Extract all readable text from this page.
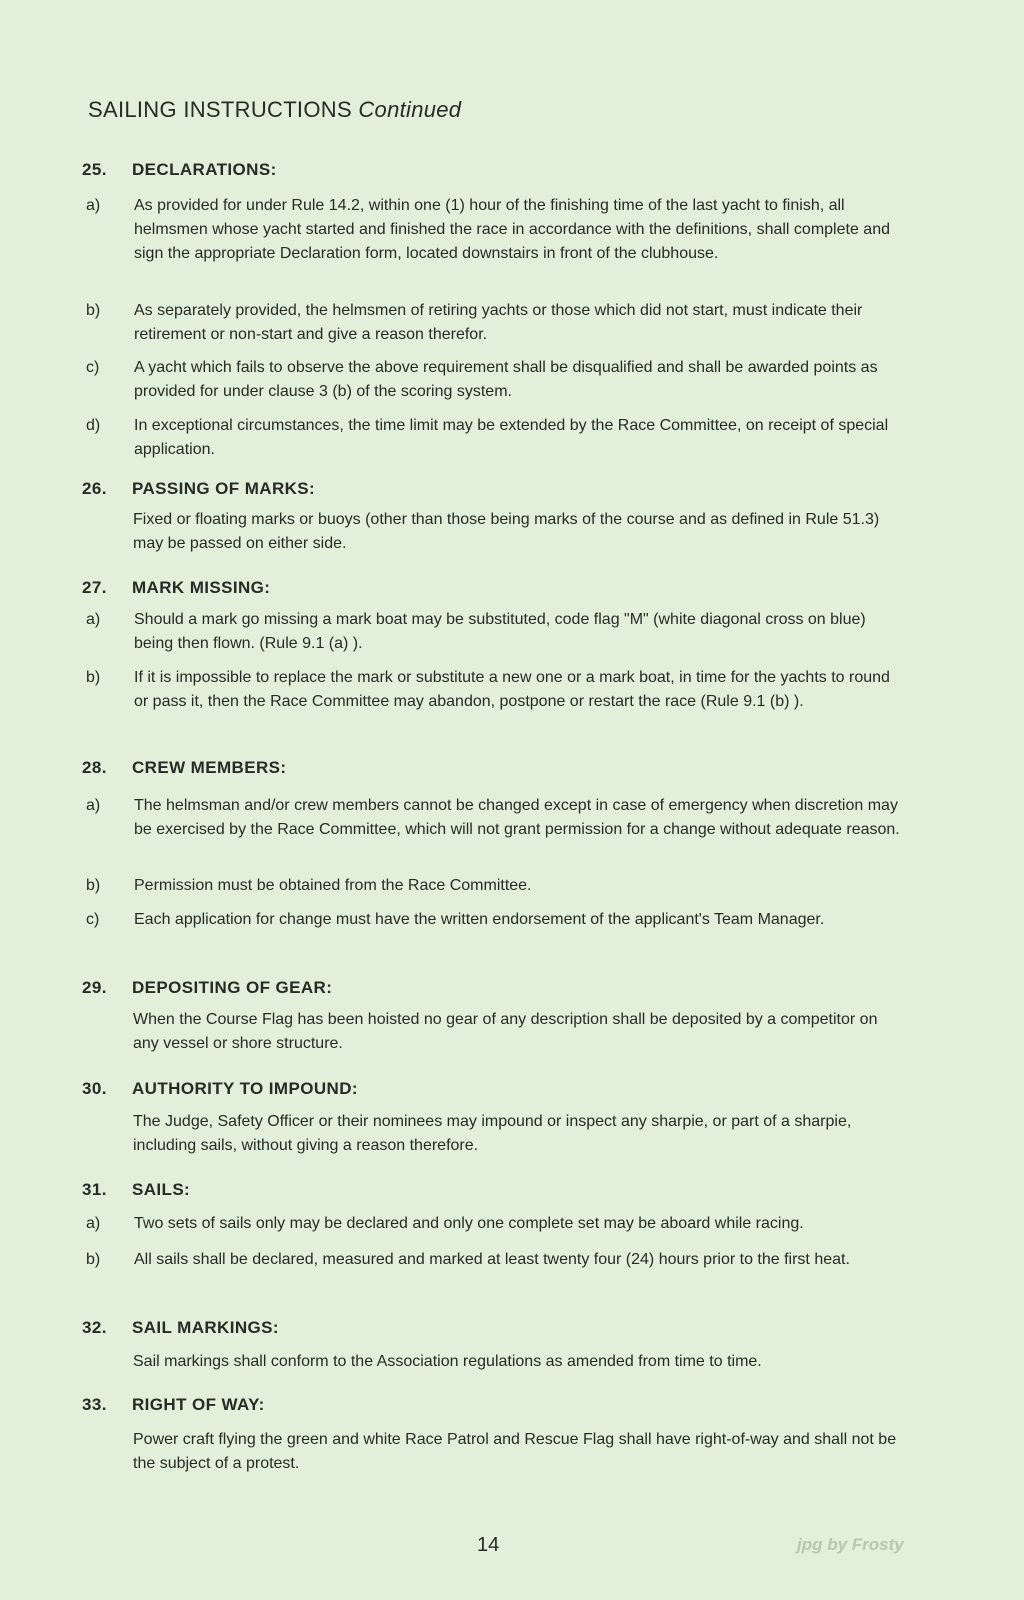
SAILING INSTRUCTIONS Continued
25. DECLARATIONS:
a) As provided for under Rule 14.2, within one (1) hour of the finishing time of the last yacht to finish, all helmsmen whose yacht started and finished the race in accordance with the definitions, shall complete and sign the appropriate Declaration form, located downstairs in front of the clubhouse.
b) As separately provided, the helmsmen of retiring yachts or those which did not start, must indicate their retirement or non-start and give a reason therefor.
c) A yacht which fails to observe the above requirement shall be disqualified and shall be awarded points as provided for under clause 3 (b) of the scoring system.
d) In exceptional circumstances, the time limit may be extended by the Race Committee, on receipt of special application.
26. PASSING OF MARKS:
Fixed or floating marks or buoys (other than those being marks of the course and as defined in Rule 51.3) may be passed on either side.
27. MARK MISSING:
a) Should a mark go missing a mark boat may be substituted, code flag "M" (white diagonal cross on blue) being then flown. (Rule 9.1 (a) ).
b) If it is impossible to replace the mark or substitute a new one or a mark boat, in time for the yachts to round or pass it, then the Race Committee may abandon, postpone or restart the race (Rule 9.1 (b) ).
28. CREW MEMBERS:
a) The helmsman and/or crew members cannot be changed except in case of emergency when discretion may be exercised by the Race Committee, which will not grant permission for a change without adequate reason.
b) Permission must be obtained from the Race Committee.
c) Each application for change must have the written endorsement of the applicant's Team Manager.
29. DEPOSITING OF GEAR:
When the Course Flag has been hoisted no gear of any description shall be deposited by a competitor on any vessel or shore structure.
30. AUTHORITY TO IMPOUND:
The Judge, Safety Officer or their nominees may impound or inspect any sharpie, or part of a sharpie, including sails, without giving a reason therefore.
31. SAILS:
a) Two sets of sails only may be declared and only one complete set may be aboard while racing.
b) All sails shall be declared, measured and marked at least twenty four (24) hours prior to the first heat.
32. SAIL MARKINGS:
Sail markings shall conform to the Association regulations as amended from time to time.
33. RIGHT OF WAY:
Power craft flying the green and white Race Patrol and Rescue Flag shall have right-of-way and shall not be the subject of a protest.
14	jpg by Frosty
